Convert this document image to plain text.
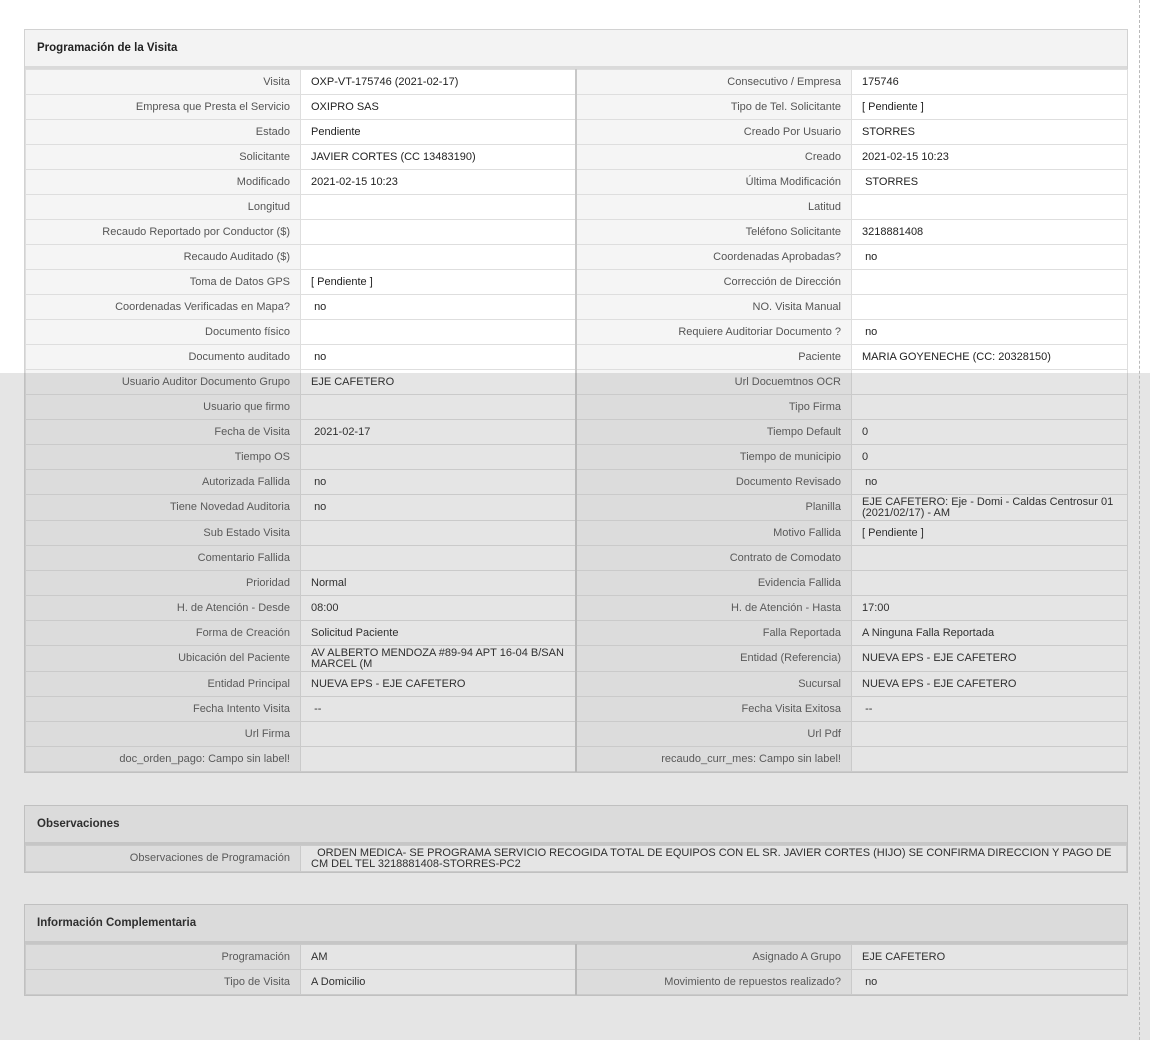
Programación de la Visita
Visita	OXP-VT-175746 (2021-02-17)	Consecutivo / Empresa	175746
Empresa que Presta el Servicio	OXIPRO SAS	Tipo de Tel. Solicitante	[ Pendiente ]
Estado	Pendiente	Creado Por Usuario	STORRES
Solicitante	JAVIER CORTES (CC 13483190)	Creado	2021-02-15 10:23
Modificado	2021-02-15 10:23	Última Modificación	STORRES
Longitud		Latitud	
Recaudo Reportado por Conductor ($)		Teléfono Solicitante	3218881408
Recaudo Auditado ($)		Coordenadas Aprobadas?	no
Toma de Datos GPS	[ Pendiente ]	Corrección de Dirección	
Coordenadas Verificadas en Mapa?	no	NO. Visita Manual	
Documento físico		Requiere Auditoriar Documento ?	no
Documento auditado	no	Paciente	MARIA GOYENECHE (CC: 20328150)
Usuario Auditor Documento Grupo	EJE CAFETERO	Url Docuemtnos OCR	
Usuario que firmo		Tipo Firma	
Fecha de Visita	2021-02-17	Tiempo Default	0
Tiempo OS		Tiempo de municipio	0
Autorizada Fallida	no	Documento Revisado	no
Tiene Novedad Auditoria	no	Planilla	EJE CAFETERO: Eje - Domi - Caldas Centrosur 01 (2021/02/17) - AM
Sub Estado Visita		Motivo Fallida	[ Pendiente ]
Comentario Fallida		Contrato de Comodato	
Prioridad	Normal	Evidencia Fallida	
H. de Atención - Desde	08:00	H. de Atención - Hasta	17:00
Forma de Creación	Solicitud Paciente	Falla Reportada	A Ninguna Falla Reportada
Ubicación del Paciente	AV ALBERTO MENDOZA #89-94 APT 16-04 B/SAN MARCEL (M	Entidad (Referencia)	NUEVA EPS - EJE CAFETERO
Entidad Principal	NUEVA EPS - EJE CAFETERO	Sucursal	NUEVA EPS - EJE CAFETERO
Fecha Intento Visita	--	Fecha Visita Exitosa	--
Url Firma		Url Pdf	
doc_orden_pago: Campo sin label!		recaudo_curr_mes: Campo sin label!	
Observaciones
Observaciones de Programación	ORDEN MEDICA- SE PROGRAMA SERVICIO RECOGIDA TOTAL DE EQUIPOS CON EL SR. JAVIER CORTES (HIJO) SE CONFIRMA DIRECCION Y PAGO DE CM DEL TEL 3218881408-STORRES-PC2
Información Complementaria
Programación	AM	Asignado A Grupo	EJE CAFETERO
Tipo de Visita	A Domicilio	Movimiento de repuestos realizado?	no
